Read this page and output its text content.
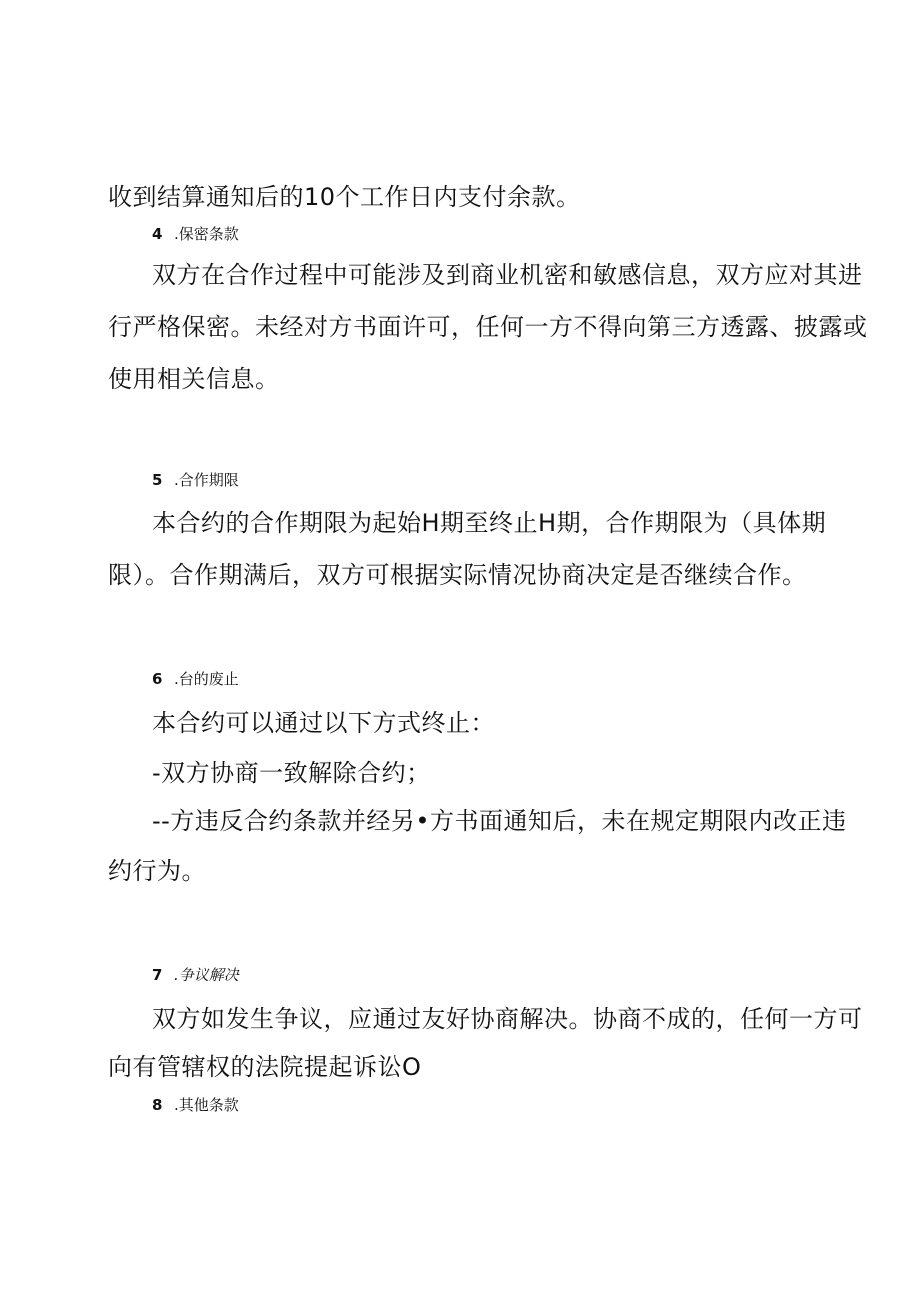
收到结算通知后的10个工作日内支付余款。
4 .保密条款
双方在合作过程中可能涉及到商业机密和敏感信息，双方应对其进
行严格保密。未经对方书面许可，任何一方不得向第三方透露、披露或
使用相关信息。
5 .合作期限
本合约的合作期限为起始H期至终止H期，合作期限为（具体期
限）。合作期满后，双方可根据实际情况协商决定是否继续合作。
6 .台的废止
本合约可以通过以下方式终止：
-双方协商一致解除合约；
--方违反合约条款并经另•方书面通知后，未在规定期限内改正违
约行为。
7 .争议解决
双方如发生争议，应通过友好协商解决。协商不成的，任何一方可
向有管辖权的法院提起诉讼O
8 .其他条款
